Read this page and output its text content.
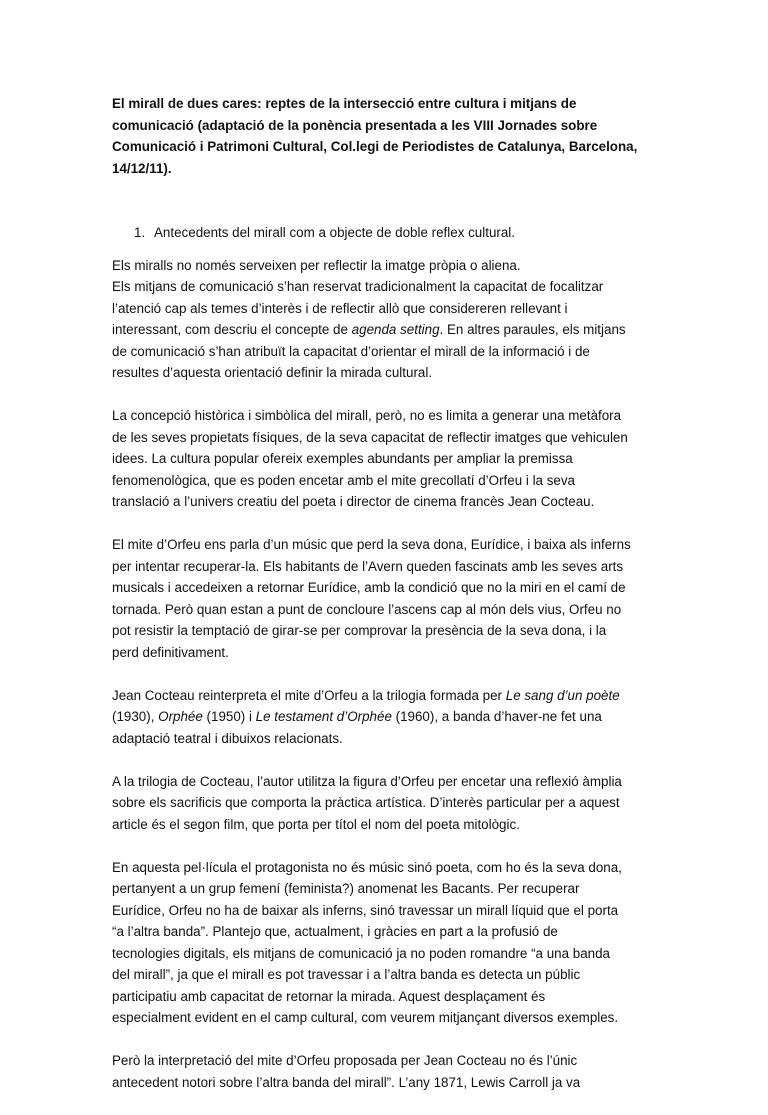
El mirall de dues cares: reptes de la intersecció entre cultura i mitjans de
comunicació (adaptació de la ponència presentada a les VIII Jornades sobre
Comunicació i Patrimoni Cultural, Col.legi de Periodistes de Catalunya, Barcelona,
14/12/11).
1. Antecedents del mirall com a objecte de doble reflex cultural.
Els miralls no només serveixen per reflectir la imatge pròpia o aliena.
Els mitjans de comunicació s’han reservat tradicionalment la capacitat de focalitzar
l’atenció cap als temes d’interès i de reflectir allò que considereren rellevant i
interessant, com descriu el concepte de agenda setting. En altres paraules, els mitjans
de comunicació s’han atribuït la capacitat d’orientar el mirall de la informació i de
resultes d’aquesta orientació definir la mirada cultural.
La concepció històrica i simbòlica del mirall, però, no es limita a generar una metàfora
de les seves propietats físiques, de la seva capacitat de reflectir imatges que vehiculen
idees. La cultura popular ofereix exemples abundants per ampliar la premissa
fenomenològica, que es poden encetar amb el mite grecollatí d’Orfeu i la seva
translació a l’univers creatiu del poeta i director de cinema francès Jean Cocteau.
El mite d’Orfeu ens parla d’un músic que perd la seva dona, Eurídice, i baixa als inferns
per intentar recuperar-la. Els habitants de l’Avern queden fascinats amb les seves arts
musicals i accedeixen a retornar Eurídice, amb la condició que no la miri en el camí de
tornada. Però quan estan a punt de concloure l’ascens cap al món dels vius, Orfeu no
pot resistir la temptació de girar-se per comprovar la presència de la seva dona, i la
perd definitivament.
Jean Cocteau reinterpreta el mite d’Orfeu a la trilogia formada per Le sang d’un poète
(1930), Orphée (1950) i Le testament d’Orphée (1960), a banda d’haver-ne fet una
adaptació teatral i dibuixos relacionats.
A la trilogia de Cocteau, l’autor utilitza la figura d’Orfeu per encetar una reflexió àmplia
sobre els sacrificis que comporta la pràctica artística. D’interès particular per a aquest
article és el segon film, que porta per títol el nom del poeta mitològic.
En aquesta pel·lícula el protagonista no és músic sinó poeta, com ho és la seva dona,
pertanyent a un grup femení (feminista?) anomenat les Bacants. Per recuperar
Eurídice, Orfeu no ha de baixar als inferns, sinó travessar un mirall líquid que el porta
“a l’altra banda”. Plantejo que, actualment, i gràcies en part a la profusió de
tecnologies digitals, els mitjans de comunicació ja no poden romandre “a una banda
del mirall”, ja que el mirall es pot travessar i a l’altra banda es detecta un públic
participatiu amb capacitat de retornar la mirada. Aquest desplaçament és
especialment evident en el camp cultural, com veurem mitjançant diversos exemples.
Però la interpretació del mite d’Orfeu proposada per Jean Cocteau no és l’únic
antecedent notori sobre l’altra banda del mirall”. L’any 1871, Lewis Carroll ja va
